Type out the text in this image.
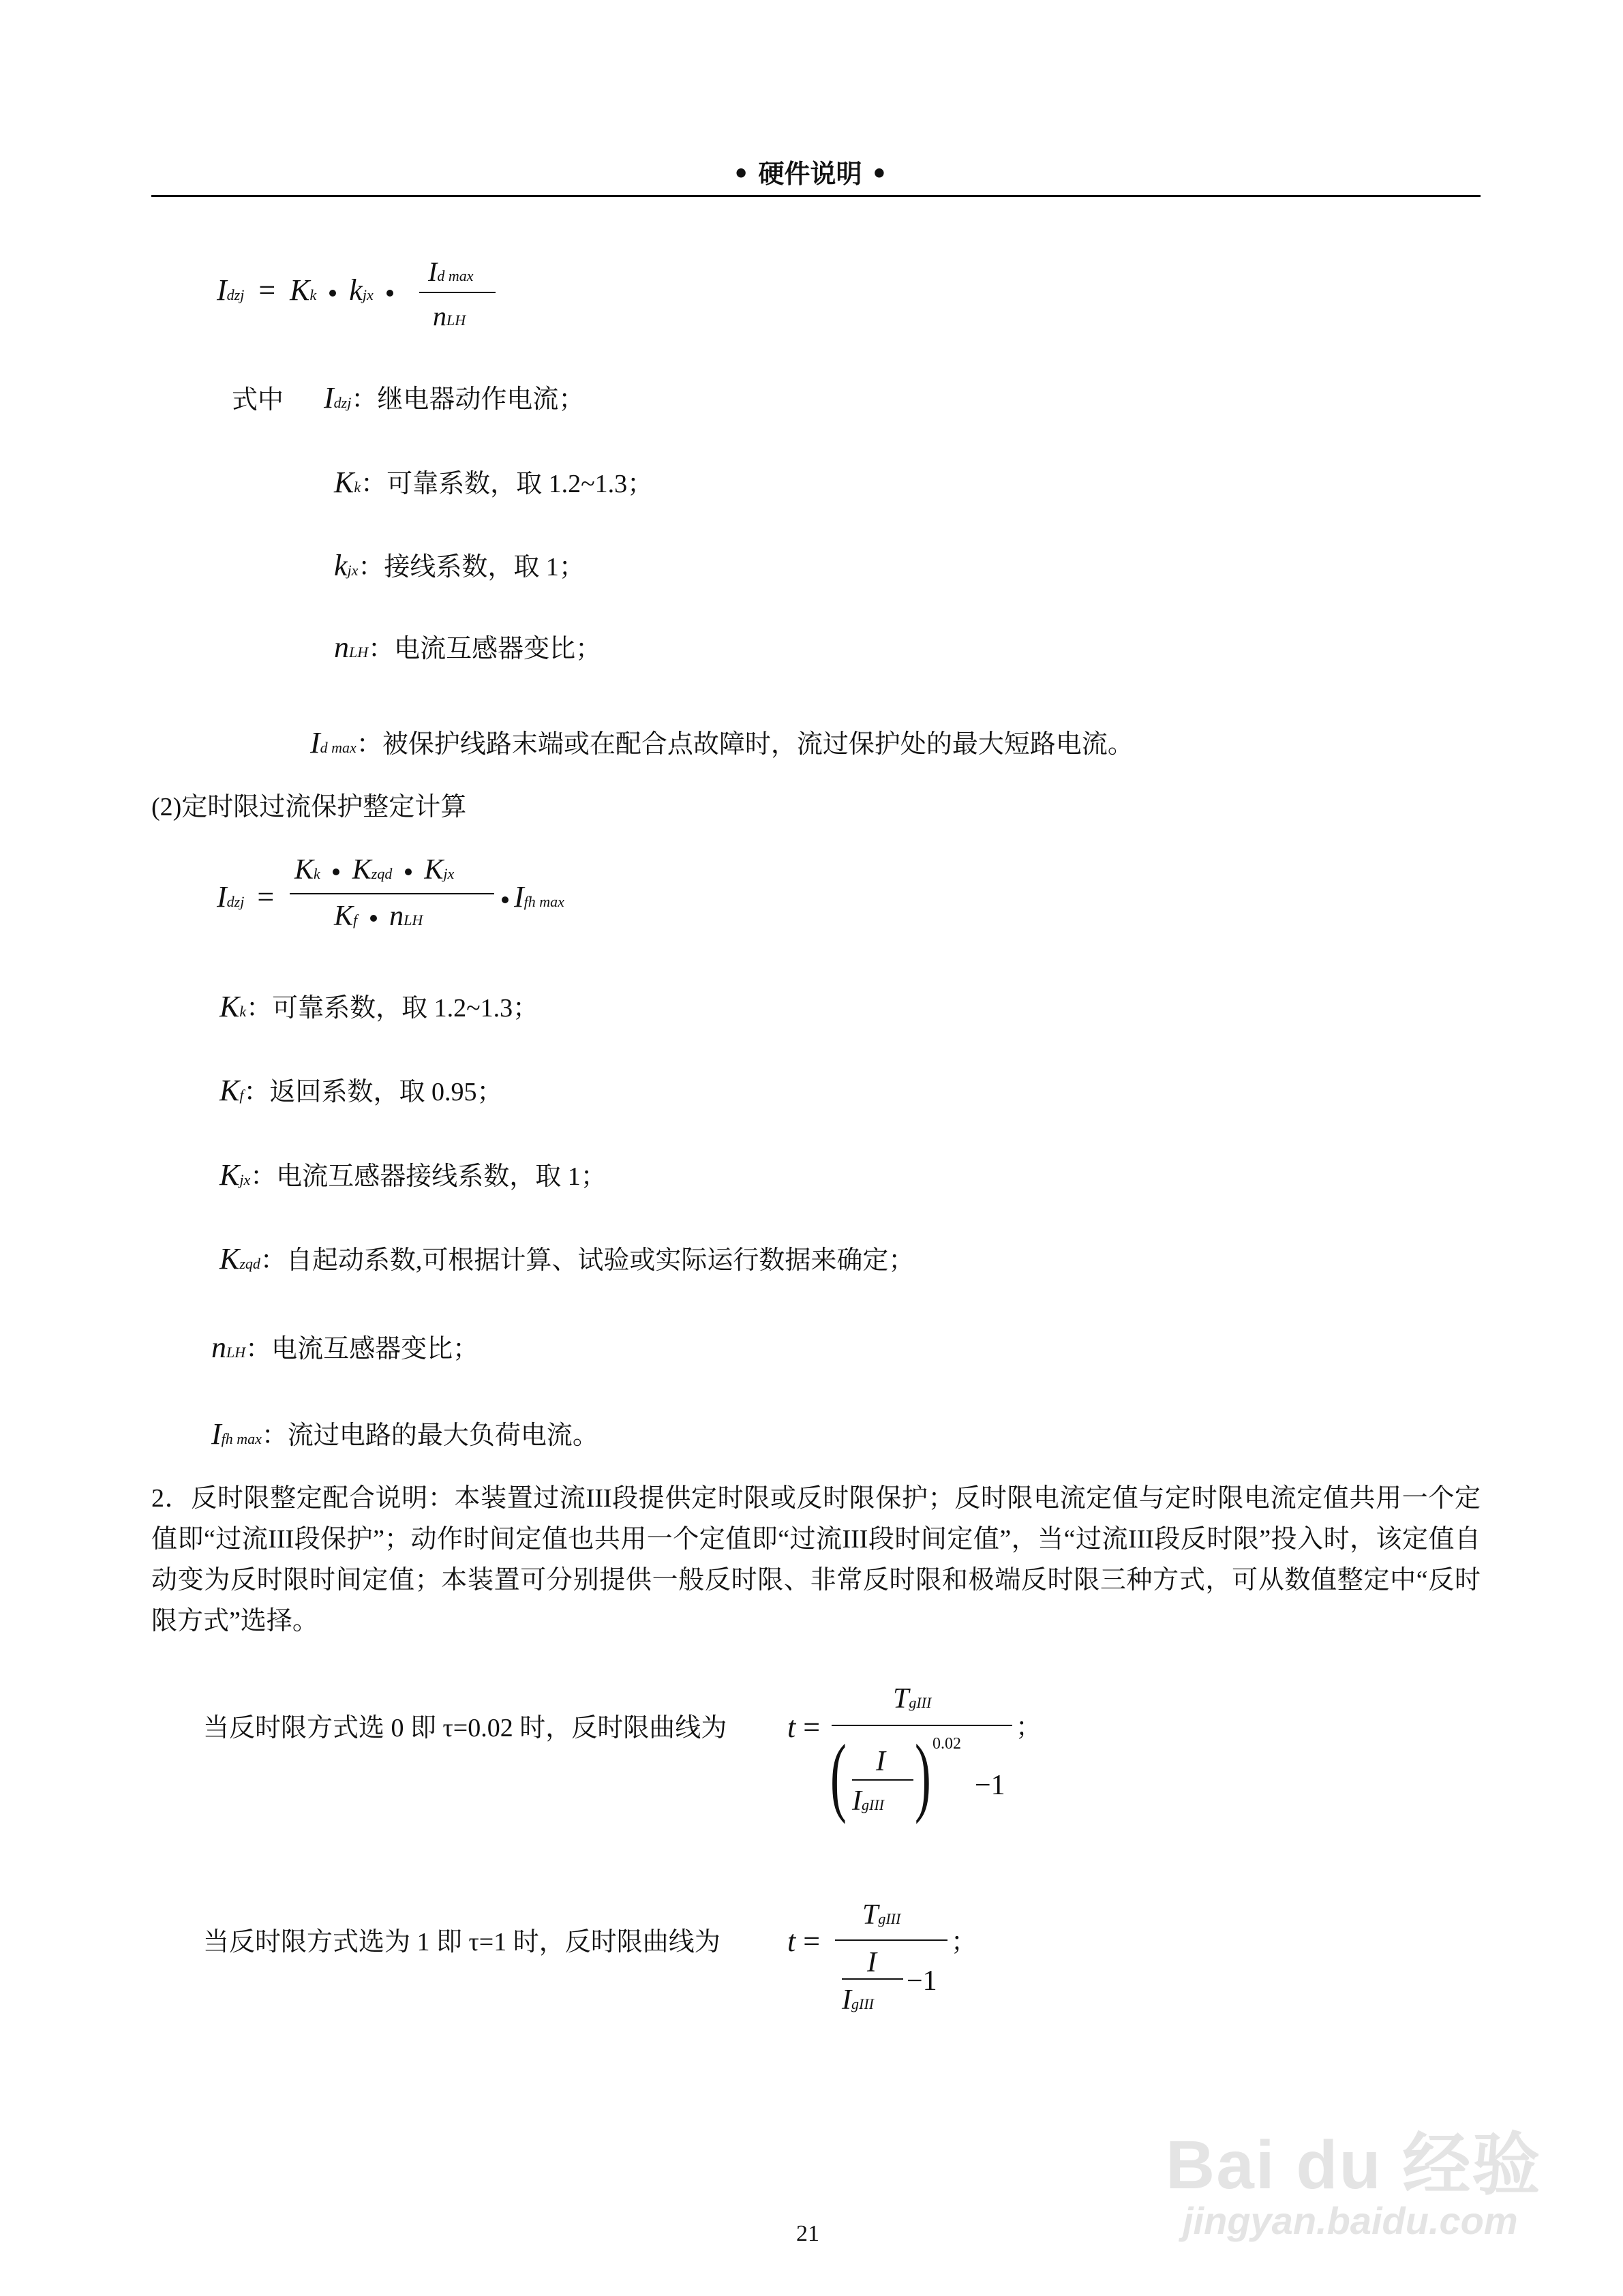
• 硬件说明 •
Idzj = Kk kjx
Id max
nLH
式中 Idzj：继电器动作电流；
Kk：可靠系数，取 1.2~1.3；
kjx：接线系数，取 1；
nLH：电流互感器变比；
Id max：被保护线路末端或在配合点故障时，流过保护处的最大短路电流。
(2)定时限过流保护整定计算
Idzj =
Kk Kzqd Kjx
Kf nLH
Ifh max
Kk：可靠系数，取 1.2~1.3；
Kf：返回系数，取 0.95；
Kjx：电流互感器接线系数，取 1；
Kzqd：自起动系数,可根据计算、试验或实际运行数据来确定；
nLH：电流互感器变比；
Ifh max：流过电路的最大负荷电流。
2．反时限整定配合说明：本装置过流III段提供定时限或反时限保护；反时限电流定值与定时限电流定值共用一个定值即“过流III段保护”；动作时间定值也共用一个定值即“过流III段时间定值”，当“过流III段反时限”投入时，该定值自动变为反时限时间定值；本装置可分别提供一般反时限、非常反时限和极端反时限三种方式，可从数值整定中“反时限方式”选择。
当反时限方式选 0 即 τ=0.02 时，反时限曲线为 t =
TgIII
( I
IgIII ) 0.02
−1
；
当反时限方式选为 1 即 τ=1 时，反时限曲线为 t =
TgIII
I
−1
IgIII
；
21
Bai du 经验
jingyan.baidu.com
